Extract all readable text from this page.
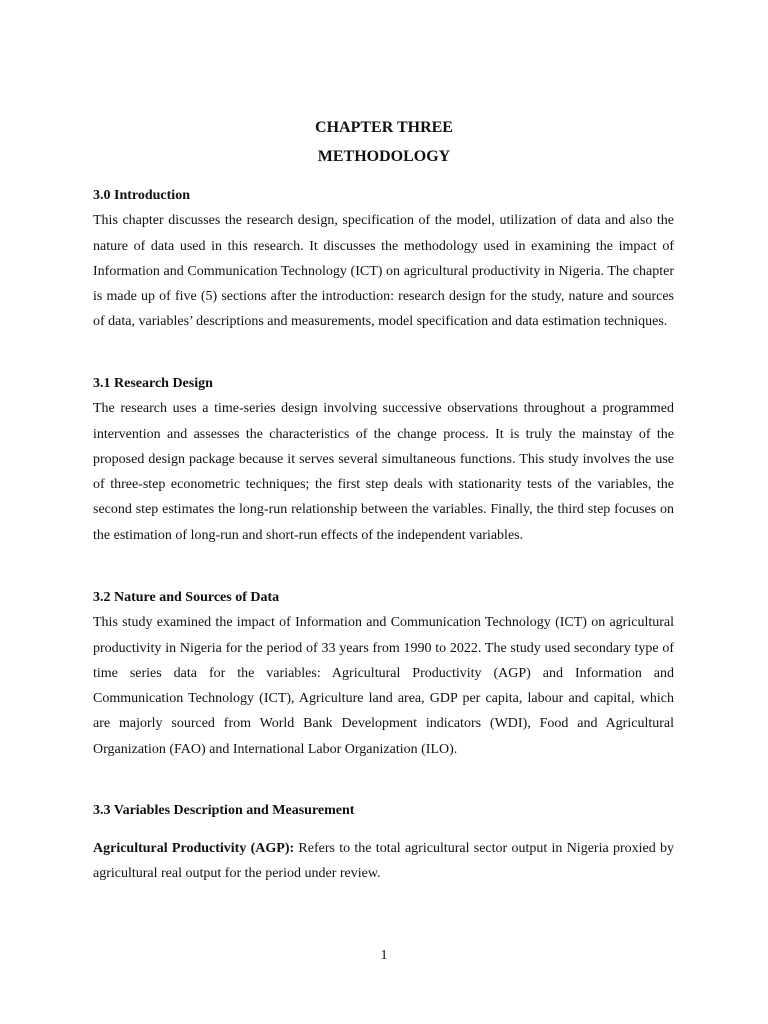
CHAPTER THREE
METHODOLOGY

3.0 Introduction

This chapter discusses the research design, specification of the model, utilization of data and also the nature of data used in this research. It discusses the methodology used in examining the impact of Information and Communication Technology (ICT) on agricultural productivity in Nigeria. The chapter is made up of five (5) sections after the introduction: research design for the study, nature and sources of data, variables’ descriptions and measurements, model specification and data estimation techniques.

3.1 Research Design

The research uses a time-series design involving successive observations throughout a programmed intervention and assesses the characteristics of the change process. It is truly the mainstay of the proposed design package because it serves several simultaneous functions. This study involves the use of three-step econometric techniques; the first step deals with stationarity tests of the variables, the second step estimates the long-run relationship between the variables. Finally, the third step focuses on the estimation of long-run and short-run effects of the independent variables.

3.2 Nature and Sources of Data

This study examined the impact of Information and Communication Technology (ICT) on agricultural productivity in Nigeria for the period of 33 years from 1990 to 2022. The study used secondary type of time series data for the variables: Agricultural Productivity (AGP) and Information and Communication Technology (ICT), Agriculture land area, GDP per capita, labour and capital, which are majorly sourced from World Bank Development indicators (WDI), Food and Agricultural Organization (FAO) and International Labor Organization (ILO).

3.3 Variables Description and Measurement

Agricultural Productivity (AGP): Refers to the total agricultural sector output in Nigeria proxied by agricultural real output for the period under review.

1
